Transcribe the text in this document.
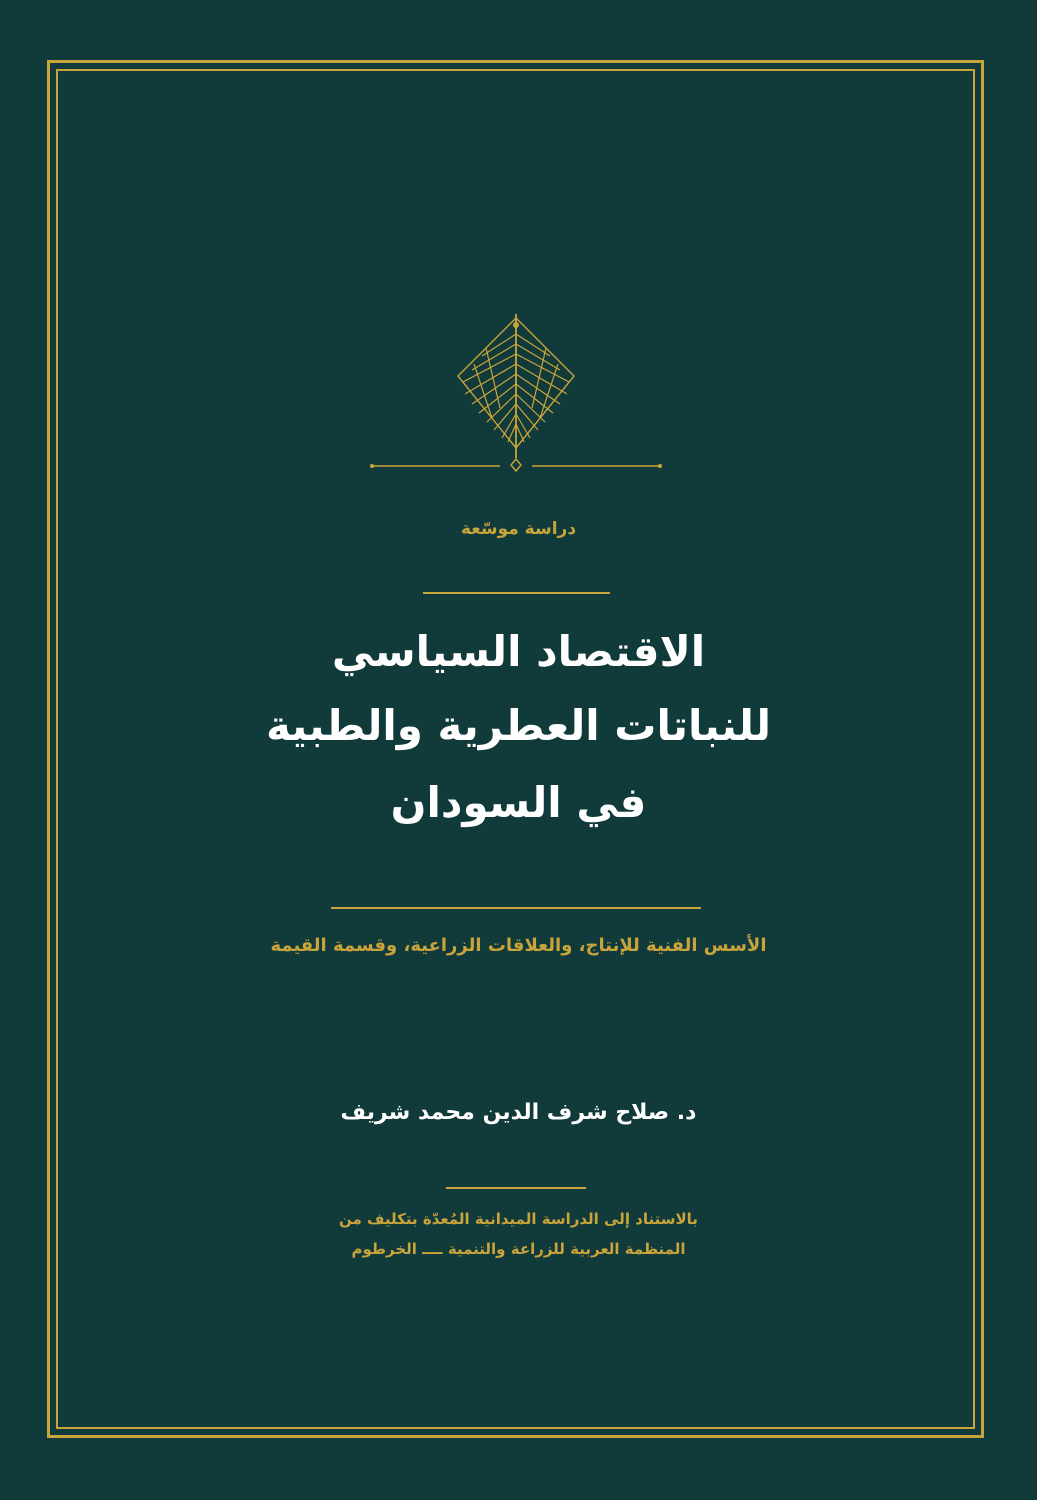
دراسة موسّعة
الاقتصاد السياسي
للنباتات العطرية والطبية
في السودان
الأسس الفنية للإنتاج، والعلاقات الزراعية، وقسمة القيمة
د. صلاح شرف الدين محمد شريف
بالاستناد إلى الدراسة الميدانية المُعدّة بتكليف من
المنظمة العربية للزراعة والتنمية ــــ الخرطوم
